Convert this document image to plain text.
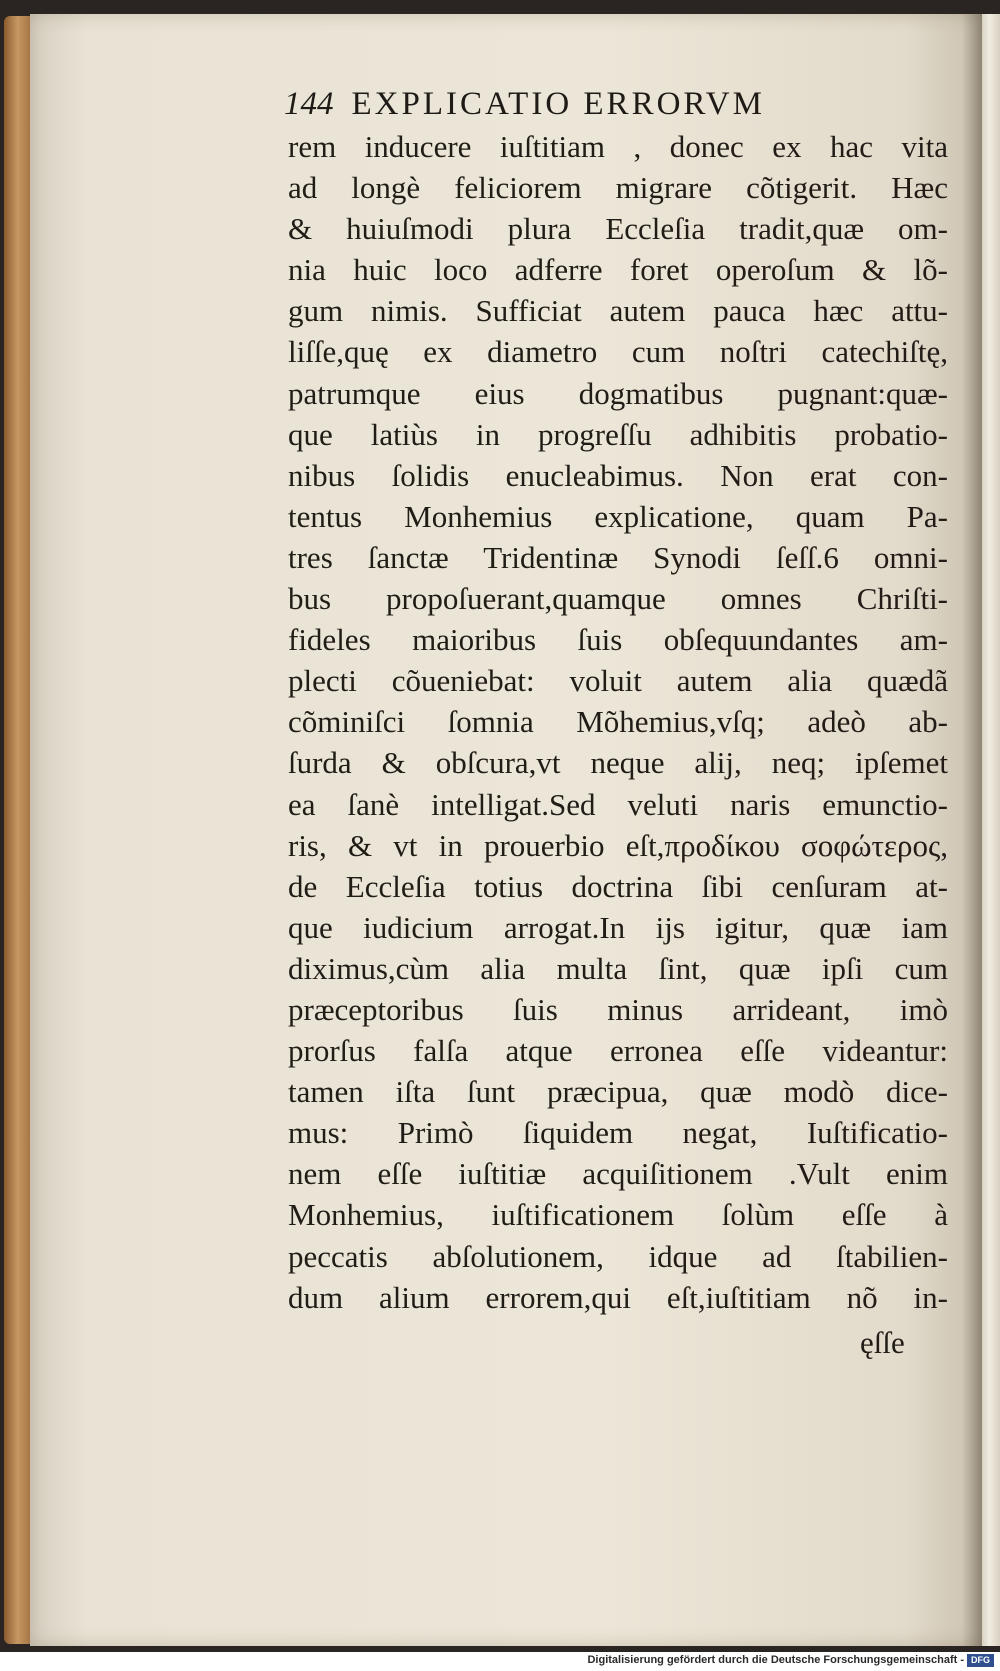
144 EXPLICATIO ERRORVM
rem inducere iuſtitiam , donec ex hac vita
ad longè feliciorem migrare cõtigerit. Hæc
& huiuſmodi plura Eccleſia tradit,quæ om-
nia huic loco adferre foret operoſum & lõ-
gum nimis. Sufficiat autem pauca hæc attu-
liſſe,quę ex diametro cum noſtri catechiſtę,
patrumque eius dogmatibus pugnant:quæ-
que latiùs in progreſſu adhibitis probatio-
nibus ſolidis enucleabimus. Non erat con-
tentus Monhemius explicatione, quam Pa-
tres ſanctæ Tridentinæ Synodi ſeſſ.6 omni-
bus propoſuerant,quamque omnes Chriſti-
fideles maioribus ſuis obſequundantes am-
plecti cõueniebat: voluit autem alia quædã
cõminiſci ſomnia Mõhemius,vſq; adeò ab-
ſurda & obſcura,vt neque alij, neq; ipſemet
ea ſanè intelligat.Sed veluti naris emunctio-
ris, & vt in prouerbio eſt,προδίκου σοφώτερος,
de Eccleſia totius doctrina ſibi cenſuram at-
que iudicium arrogat.In ijs igitur, quæ iam
diximus,cùm alia multa ſint, quæ ipſi cum
præceptoribus ſuis minus arrideant, imò
prorſus falſa atque erronea eſſe videantur:
tamen iſta ſunt præcipua, quæ modò dice-
mus: Primò ſiquidem negat, Iuſtificatio-
nem eſſe iuſtitiæ acquiſitionem .Vult enim
Monhemius, iuſtificationem ſolùm eſſe à
peccatis abſolutionem, idque ad ſtabilien-
dum alium errorem,qui eſt,iuſtitiam nõ in-
ęſſe
Digitalisierung gefördert durch die Deutsche Forschungsgemeinschaft - DFG
